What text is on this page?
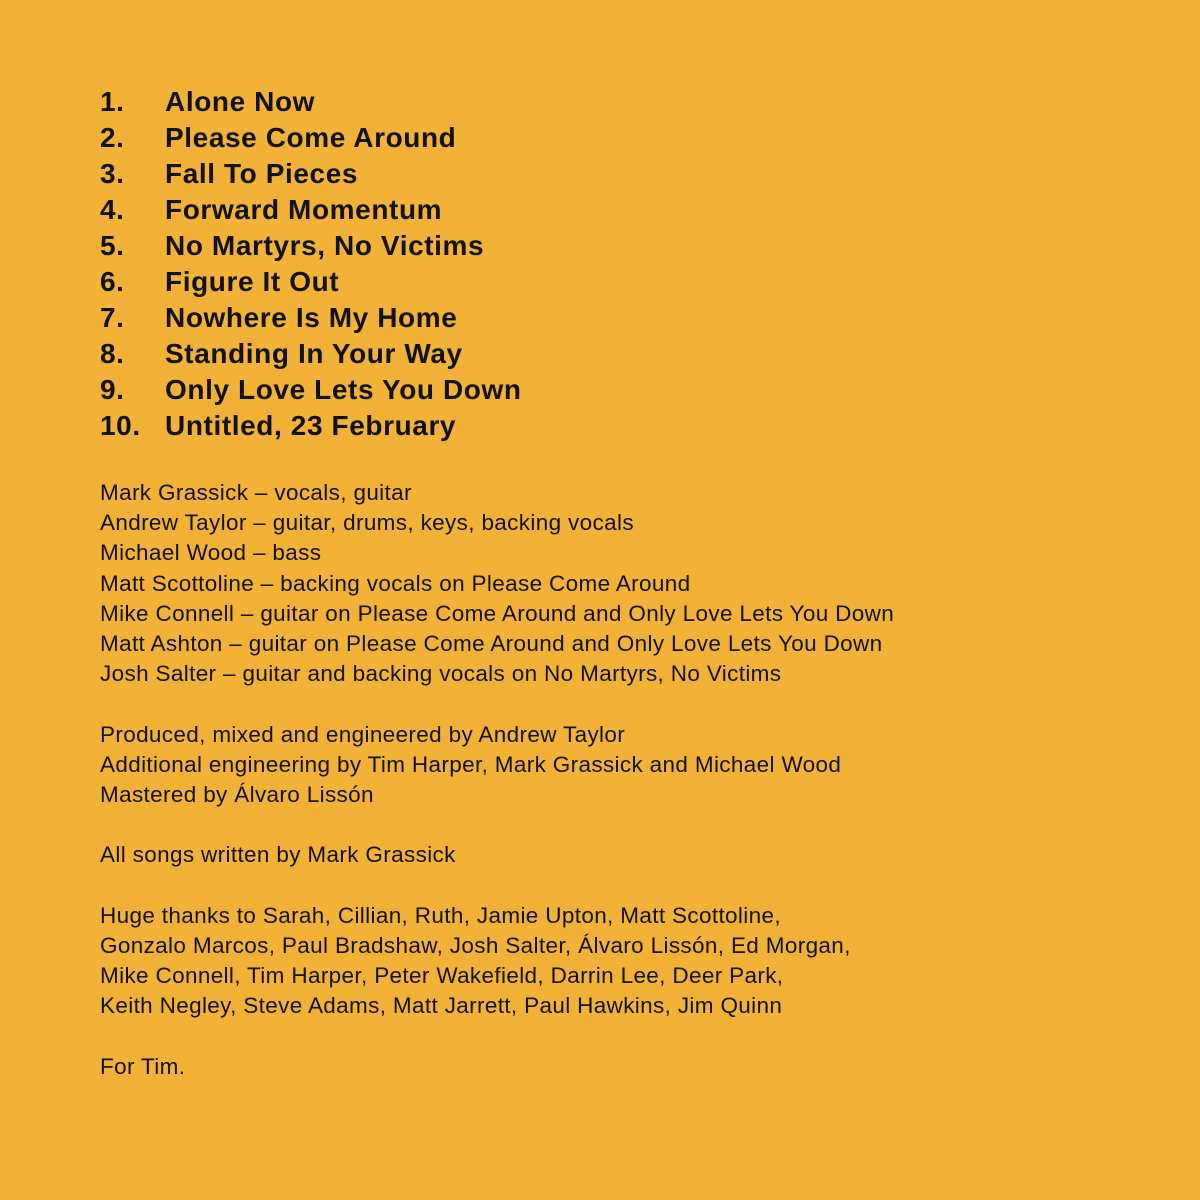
1.	Alone Now
2.	Please Come Around
3.	Fall To Pieces
4.	Forward Momentum
5.	No Martyrs, No Victims
6.	Figure It Out
7.	Nowhere Is My Home
8.	Standing In Your Way
9.	Only Love Lets You Down
10. Untitled, 23 February
Mark Grassick – vocals, guitar
Andrew Taylor – guitar, drums, keys, backing vocals
Michael Wood – bass
Matt Scottoline – backing vocals on Please Come Around
Mike Connell – guitar on Please Come Around and Only Love Lets You Down
Matt Ashton – guitar on Please Come Around and Only Love Lets You Down
Josh Salter – guitar and backing vocals on No Martyrs, No Victims
Produced, mixed and engineered by Andrew Taylor
Additional engineering by Tim Harper, Mark Grassick and Michael Wood
Mastered by Álvaro Lissón
All songs written by Mark Grassick
Huge thanks to Sarah, Cillian, Ruth, Jamie Upton, Matt Scottoline,
Gonzalo Marcos, Paul Bradshaw, Josh Salter, Álvaro Lissón, Ed Morgan,
Mike Connell, Tim Harper, Peter Wakefield, Darrin Lee, Deer Park,
Keith Negley, Steve Adams, Matt Jarrett, Paul Hawkins, Jim Quinn
For Tim.
